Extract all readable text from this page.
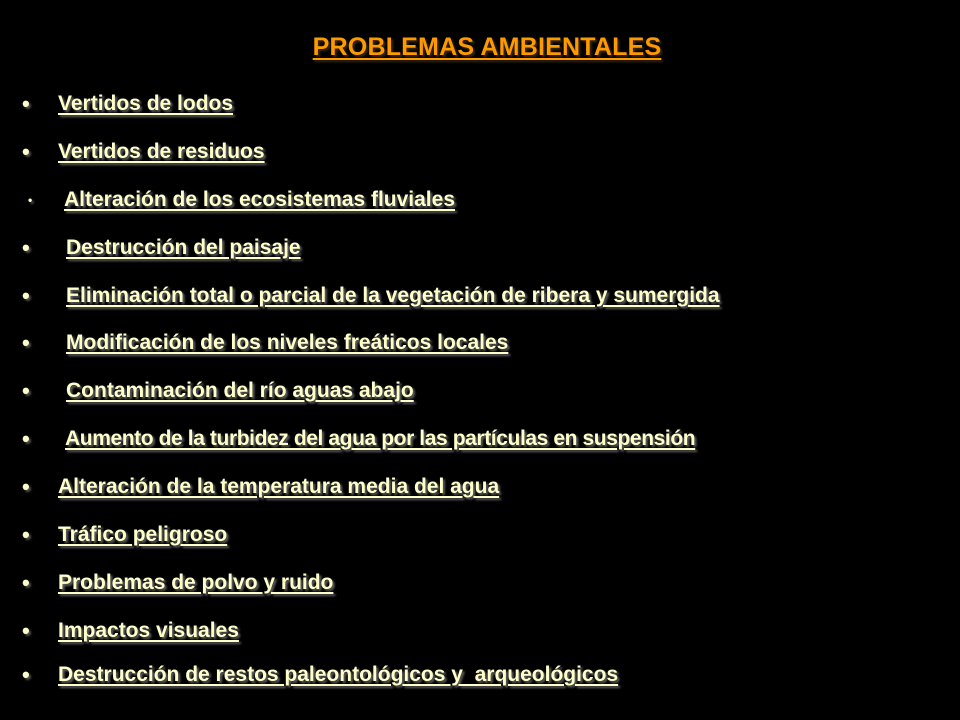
PROBLEMAS AMBIENTALES
• Vertidos de lodos
• Vertidos de residuos
•	Alteración de los ecosistemas fluviales
• Destrucción del paisaje
• Eliminación total o parcial de la vegetación de ribera y sumergida
• Modificación de los niveles freáticos locales
• Contaminación del río aguas abajo
• Aumento de la turbidez del agua por las partículas en suspensión
• Alteración de la temperatura media del agua
• Tráfico peligroso
• Problemas de polvo y ruido
• Impactos visuales
• Destrucción de restos paleontológicos y  arqueológicos
